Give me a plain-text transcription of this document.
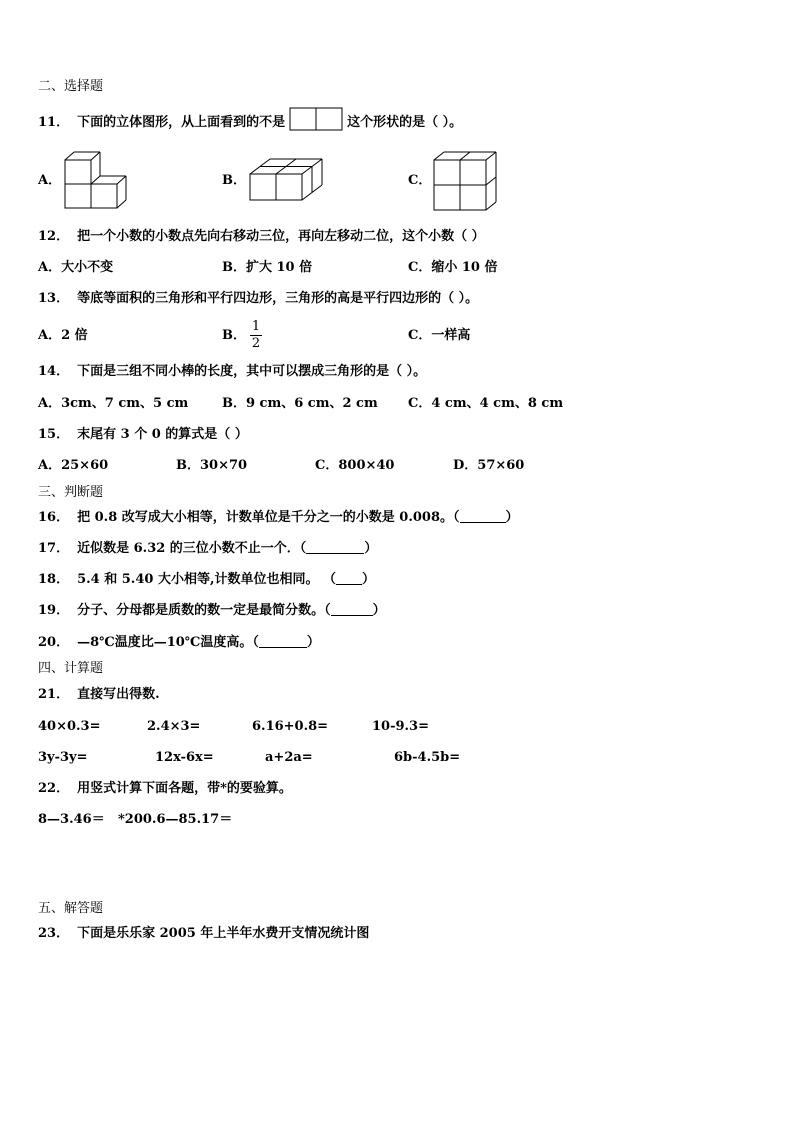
二、选择题
11． 下面的立体图形，从上面看到的不是	这个形状的是（ ）。
A．	B．	C．
12． 把一个小数的小数点先向右移动三位，再向左移动二位，这个小数（ ）
A．大小不变	B．扩大 10 倍	C．缩小 10 倍
13． 等底等面积的三角形和平行四边形，三角形的高是平行四边形的（ ）。
A．2 倍	B． $\frac{1}{2}$	C．一样高
14． 下面是三组不同小棒的长度，其中可以摆成三角形的是（ ）。
A．3cm、7 cm、5 cm	B．9 cm、6 cm、2 cm C．4 cm、4 cm、8 cm
15． 末尾有 3 个 0 的算式是（ ）
A．25×60	B．30×70	C．800×40	D．57×60
三、判断题
16． 把 0.8 改写成大小相等，计数单位是千分之一的小数是 0.008。（	）
17． 近似数是 6.32 的三位小数不止一个．（	）
18． 5.4 和 5.40 大小相等,计数单位也相同。 （ ）
19． 分子、分母都是质数的数一定是最简分数。（	）
20． —8℃温度比—10℃温度高。（	）
四、计算题
21． 直接写出得数.
40×0.3=	2.4×3=	6.16+0.8=	10-9.3=
3y-3y=	12x-6x=	a+2a=	6b-4.5b=
22． 用竖式计算下面各题，带*的要验算。
8—3.46＝ *200.6—85.17＝
五、解答题
23． 下面是乐乐家 2005 年上半年水费开支情况统计图
